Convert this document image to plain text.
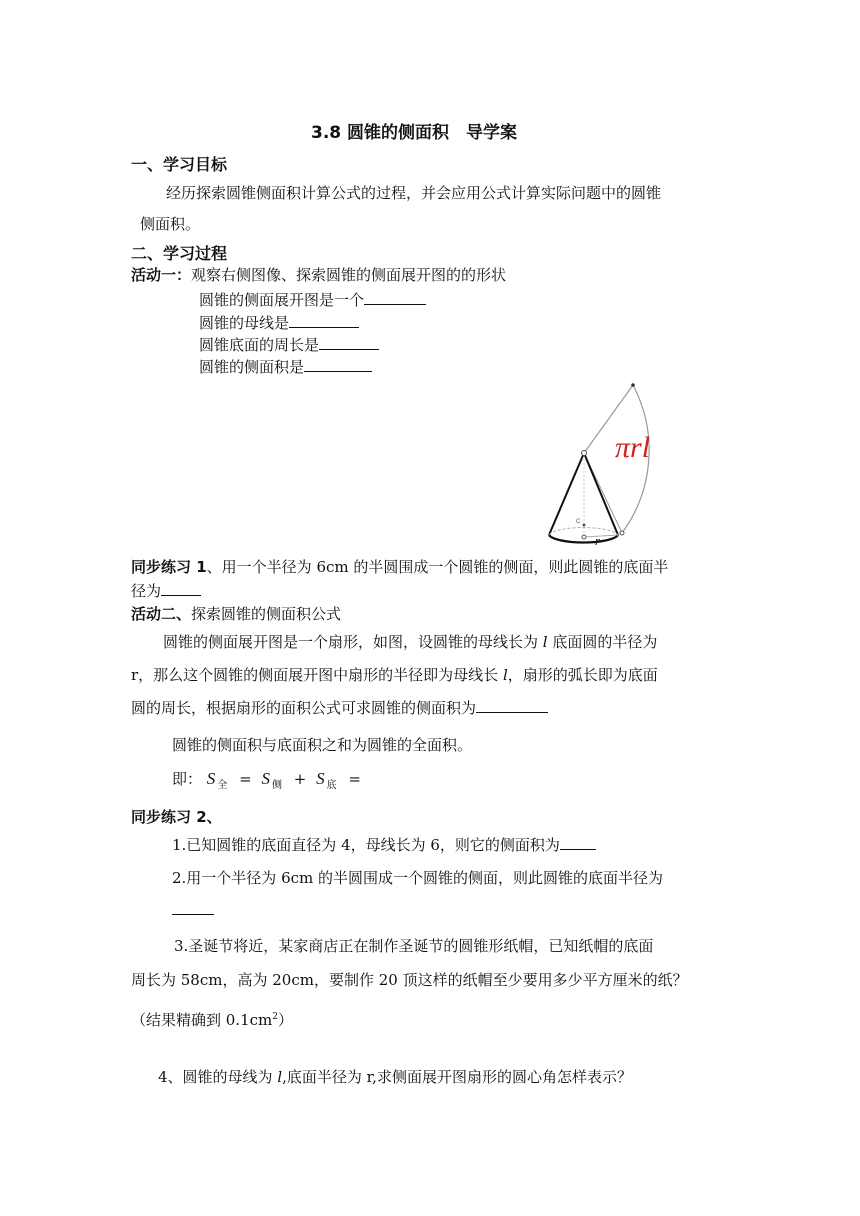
3.8 圆锥的侧面积　导学案
一、学习目标
经历探索圆锥侧面积计算公式的过程，并会应用公式计算实际问题中的圆锥
侧面积。
二、学习过程
活动一：观察右侧图像、探索圆锥的侧面展开图的的形状
圆锥的侧面展开图是一个
圆锥的母线是
圆锥底面的周长是
圆锥的侧面积是
πrl
r
C
同步练习 1、用一个半径为 6cm 的半圆围成一个圆锥的侧面，则此圆锥的底面半
径为
活动二、探索圆锥的侧面积公式
圆锥的侧面展开图是一个扇形，如图，设圆锥的母线长为 l 底面圆的半径为
r，那么这个圆锥的侧面展开图中扇形的半径即为母线长 l，扇形的弧长即为底面
圆的周长，根据扇形的面积公式可求圆锥的侧面积为
圆锥的侧面积与底面积之和为圆锥的全面积。
即： S $_全$ = S $_侧$ + S $_底$ =
同步练习 2、
1.已知圆锥的底面直径为 4，母线长为 6，则它的侧面积为
2.用一个半径为 6cm 的半圆围成一个圆锥的侧面，则此圆锥的底面半径为
3.圣诞节将近，某家商店正在制作圣诞节的圆锥形纸帽，已知纸帽的底面
周长为 58cm，高为 20cm，要制作 20 顶这样的纸帽至少要用多少平方厘米的纸？
（结果精确到 $0.1cm^2$）
4、圆锥的母线为 l,底面半径为 r,求侧面展开图扇形的圆心角怎样表示？
